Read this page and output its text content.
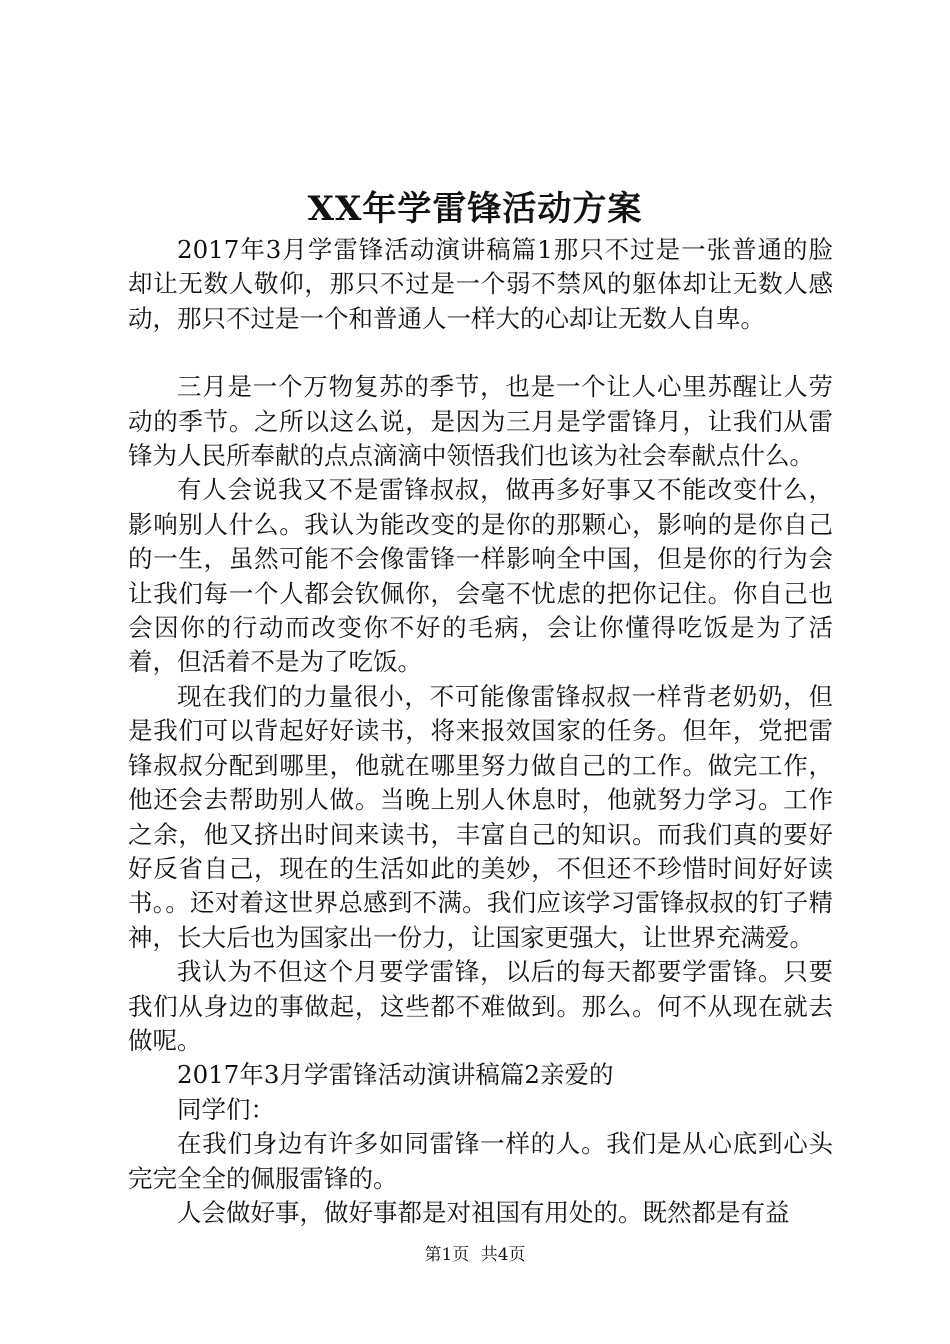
XX年学雷锋活动方案

2017年3月学雷锋活动演讲稿篇1那只不过是一张普通的脸却让无数人敬仰，那只不过是一个弱不禁风的躯体却让无数人感动，那只不过是一个和普通人一样大的心却让无数人自卑。

三月是一个万物复苏的季节，也是一个让人心里苏醒让人劳动的季节。之所以这么说，是因为三月是学雷锋月，让我们从雷锋为人民所奉献的点点滴滴中领悟我们也该为社会奉献点什么。

有人会说我又不是雷锋叔叔，做再多好事又不能改变什么，影响别人什么。我认为能改变的是你的那颗心，影响的是你自己的一生，虽然可能不会像雷锋一样影响全中国，但是你的行为会让我们每一个人都会钦佩你，会毫不忧虑的把你记住。你自己也会因你的行动而改变你不好的毛病，会让你懂得吃饭是为了活着，但活着不是为了吃饭。

现在我们的力量很小，不可能像雷锋叔叔一样背老奶奶，但是我们可以背起好好读书，将来报效国家的任务。但年，党把雷锋叔叔分配到哪里，他就在哪里努力做自己的工作。做完工作，他还会去帮助别人做。当晚上别人休息时，他就努力学习。工作之余，他又挤出时间来读书，丰富自己的知识。而我们真的要好好反省自己，现在的生活如此的美妙，不但还不珍惜时间好好读书。。还对着这世界总感到不满。我们应该学习雷锋叔叔的钉子精神，长大后也为国家出一份力，让国家更强大，让世界充满爱。

我认为不但这个月要学雷锋，以后的每天都要学雷锋。只要我们从身边的事做起，这些都不难做到。那么。何不从现在就去做呢。

2017年3月学雷锋活动演讲稿篇2亲爱的

同学们：

在我们身边有许多如同雷锋一样的人。我们是从心底到心头完完全全的佩服雷锋的。

人会做好事，做好事都是对祖国有用处的。既然都是有益

第1页 共4页
